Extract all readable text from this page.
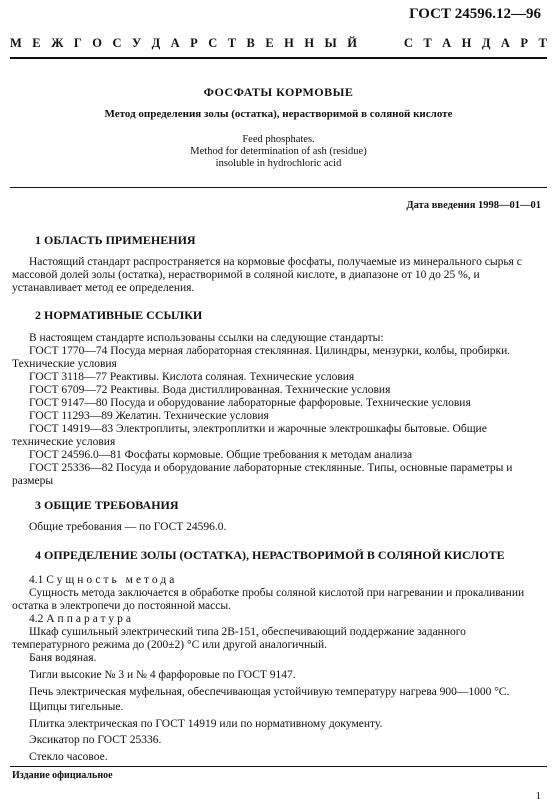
ГОСТ 24596.12—96
М Е Ж Г О С У Д А Р С Т В Е Н Н Ы Й	С Т А Н Д А Р Т
ФОСФАТЫ КОРМОВЫЕ
Метод определения золы (остатка), нерастворимой в соляной кислоте
Feed phosphates.
Method for determination of ash (residue)
insoluble in hydrochloric acid
Дата введения 1998—01—01
1 ОБЛАСТЬ ПРИМЕНЕНИЯ
Настоящий стандарт распространяется на кормовые фосфаты, получаемые из минерального сырья с массовой долей золы (остатка), нерастворимой в соляной кислоте, в диапазоне от 10 до 25 %, и устанавливает метод ее определения.
2 НОРМАТИВНЫЕ ССЫЛКИ
В настоящем стандарте использованы ссылки на следующие стандарты:
ГОСТ 1770—74 Посуда мерная лабораторная стеклянная. Цилиндры, мензурки, колбы, пробирки. Технические условия
ГОСТ 3118—77 Реактивы. Кислота соляная. Технические условия
ГОСТ 6709—72 Реактивы. Вода дистиллированная. Технические условия
ГОСТ 9147—80 Посуда и оборудование лабораторные фарфоровые. Технические условия
ГОСТ 11293—89 Желатин. Технические условия
ГОСТ 14919—83 Электроплиты, электроплитки и жарочные электрошкафы бытовые. Общие технические условия
ГОСТ 24596.0—81 Фосфаты кормовые. Общие требования к методам анализа
ГОСТ 25336—82 Посуда и оборудование лабораторные стеклянные. Типы, основные параметры и размеры
3 ОБЩИЕ ТРЕБОВАНИЯ
Общие требования — по ГОСТ 24596.0.
4 ОПРЕДЕЛЕНИЕ ЗОЛЫ (ОСТАТКА), НЕРАСТВОРИМОЙ В СОЛЯНОЙ КИСЛОТЕ
4.1 Сущность метода
Сущность метода заключается в обработке пробы соляной кислотой при нагревании и прокаливании остатка в электропечи до постоянной массы.
4.2 Аппаратура
Шкаф сушильный электрический типа 2В-151, обеспечивающий поддержание заданного температурного режима до (200±2) °С или другой аналогичный.
Баня водяная.
Тигли высокие № 3 и № 4 фарфоровые по ГОСТ 9147.
Печь электрическая муфельная, обеспечивающая устойчивую температуру нагрева 900—1000 °С.
Щипцы тигельные.
Плитка электрическая по ГОСТ 14919 или по нормативному документу.
Эксикатор по ГОСТ 25336.
Стекло часовое.
Издание официальное
1
